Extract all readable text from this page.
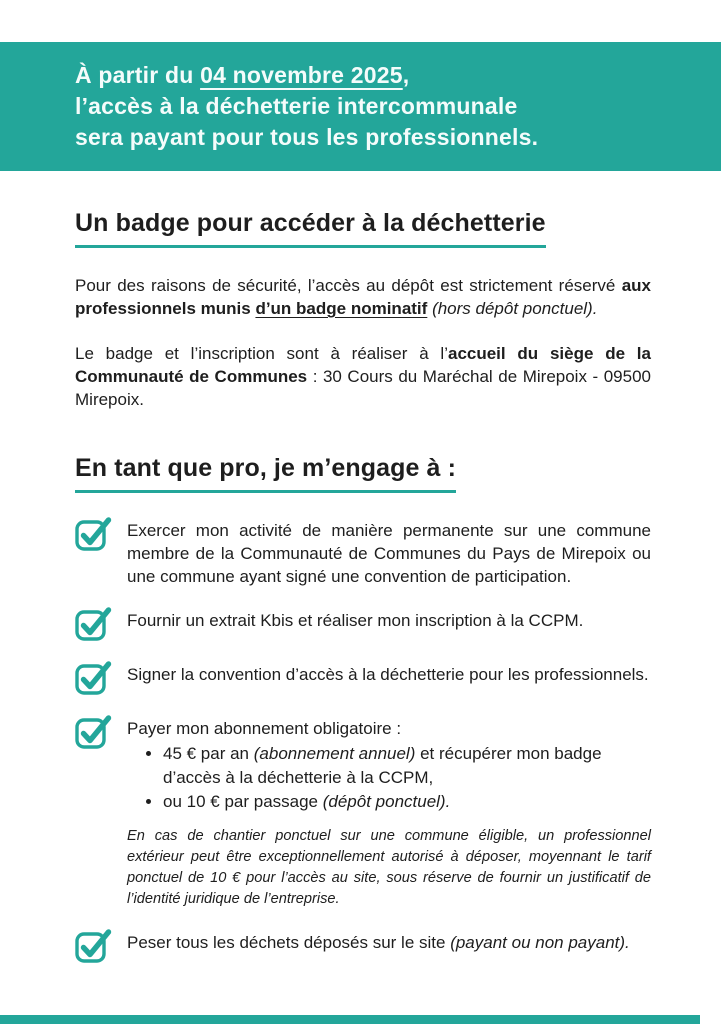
À partir du 04 novembre 2025,

l’accès à la déchetterie intercommunale

sera payant pour tous les professionnels.

Un badge pour accéder à la déchetterie

Pour des raisons de sécurité, l’accès au dépôt est strictement réservé aux professionnels munis d’un badge nominatif (hors dépôt ponctuel).

Le badge et l’inscription sont à réaliser à l’accueil du siège de la Communauté de Communes : 30 Cours du Maréchal de Mirepoix - 09500 Mirepoix.

En tant que pro, je m’engage à :
Exercer mon activité de manière permanente sur une commune membre de la Communauté de Communes du Pays de Mirepoix ou une commune ayant signé une convention de participation.
Fournir un extrait Kbis et réaliser mon inscription à la CCPM.
Signer la convention d’accès à la déchetterie pour les professionnels.
Payer mon abonnement obligatoire :
• 45 € par an (abonnement annuel) et récupérer mon badge d’accès à la déchetterie à la CCPM,
• ou 10 € par passage (dépôt ponctuel).

En cas de chantier ponctuel sur une commune éligible, un professionnel extérieur peut être exceptionnellement autorisé à déposer, moyennant le tarif ponctuel de 10 € pour l’accès au site, sous réserve de fournir un justificatif de l’identité juridique de l’entreprise.

Peser tous les déchets déposés sur le site (payant ou non payant).
